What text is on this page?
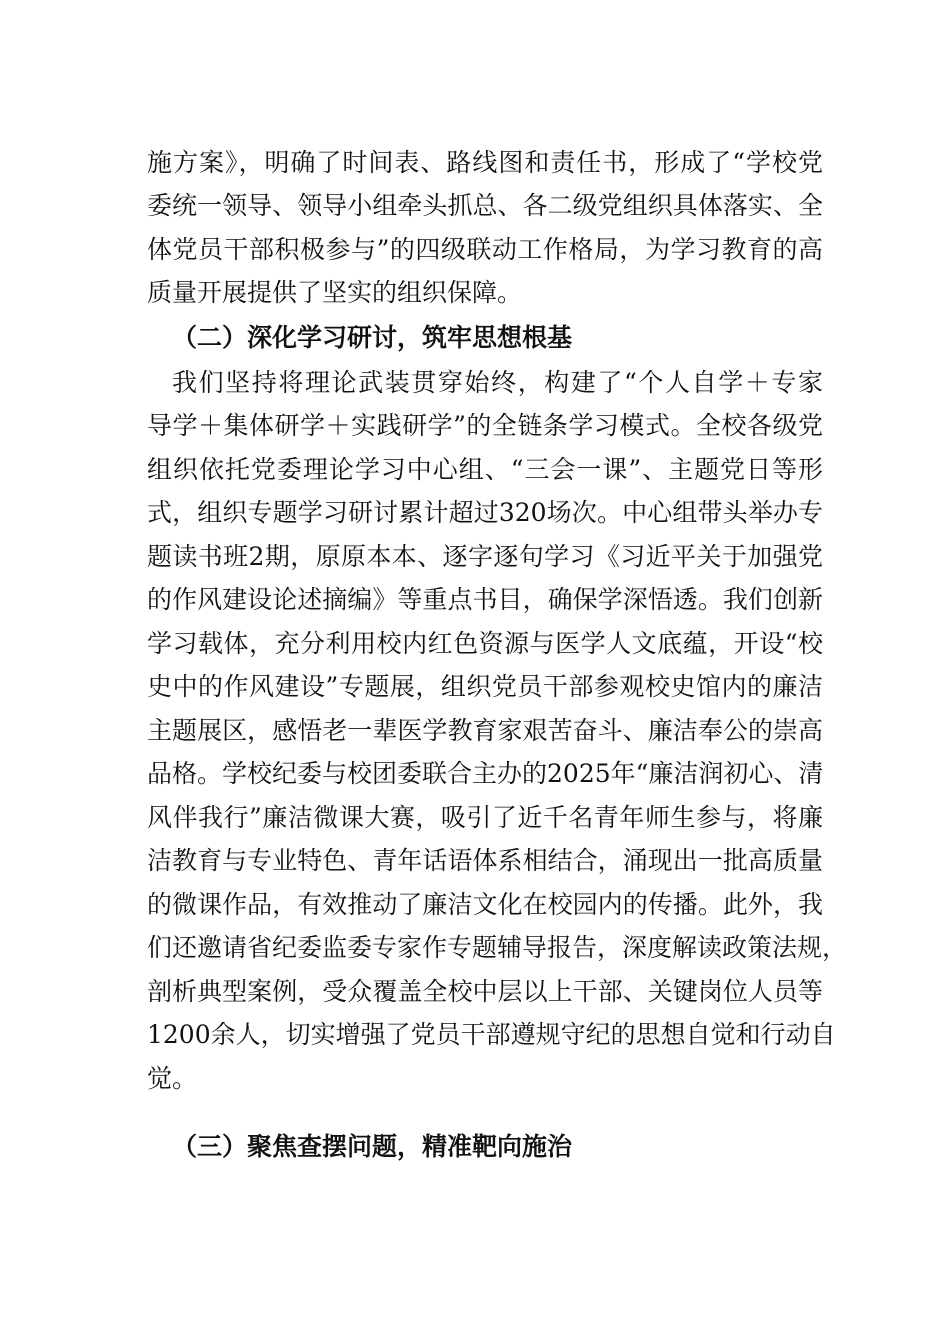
施方案》，明确了时间表、路线图和责任书，形成了“学校党
委统一领导、领导小组牵头抓总、各二级党组织具体落实、全
体党员干部积极参与”的四级联动工作格局，为学习教育的高
质量开展提供了坚实的组织保障。
（二）深化学习研讨，筑牢思想根基
我们坚持将理论武装贯穿始终，构建了“个人自学＋专家
导学＋集体研学＋实践研学”的全链条学习模式。全校各级党
组织依托党委理论学习中心组、“三会一课”、主题党日等形
式，组织专题学习研讨累计超过320场次。中心组带头举办专
题读书班2期，原原本本、逐字逐句学习《习近平关于加强党
的作风建设论述摘编》等重点书目，确保学深悟透。我们创新
学习载体，充分利用校内红色资源与医学人文底蕴，开设“校
史中的作风建设”专题展，组织党员干部参观校史馆内的廉洁
主题展区，感悟老一辈医学教育家艰苦奋斗、廉洁奉公的崇高
品格。学校纪委与校团委联合主办的2025年“廉洁润初心、清
风伴我行”廉洁微课大赛，吸引了近千名青年师生参与，将廉
洁教育与专业特色、青年话语体系相结合，涌现出一批高质量
的微课作品，有效推动了廉洁文化在校园内的传播。此外，我
们还邀请省纪委监委专家作专题辅导报告，深度解读政策法规，
剖析典型案例，受众覆盖全校中层以上干部、关键岗位人员等
1200余人，切实增强了党员干部遵规守纪的思想自觉和行动自
觉。
（三）聚焦查摆问题，精准靶向施治
